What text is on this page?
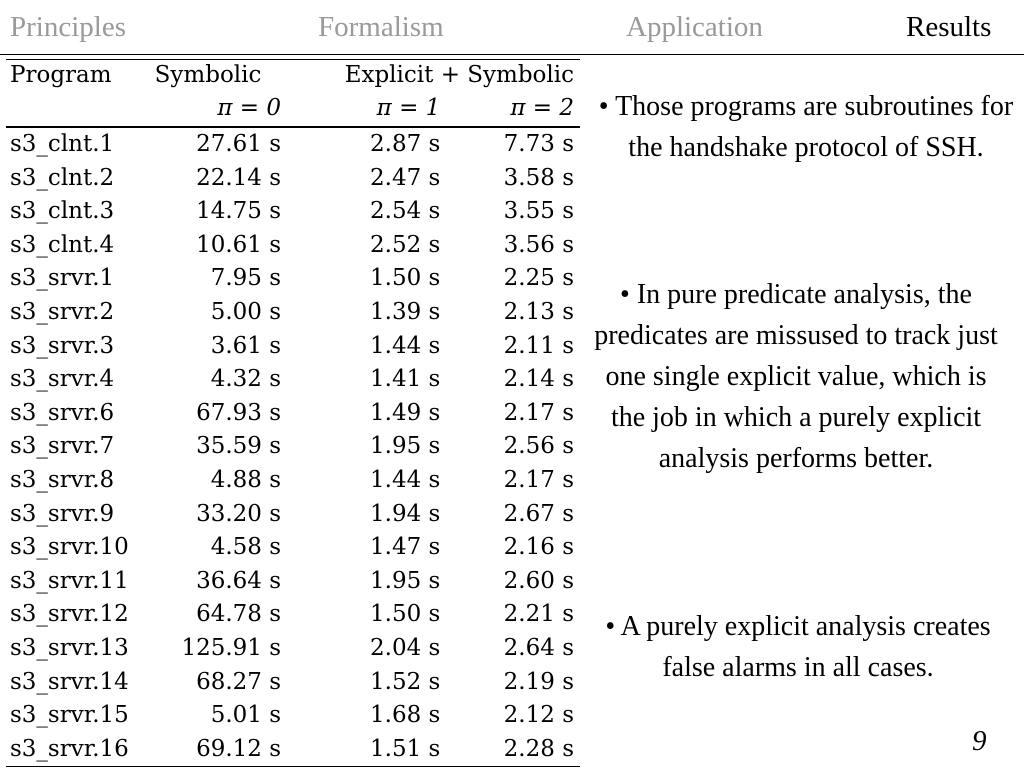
Principles	Formalism	Application	Results
Program	Symbolic	Explicit + Symbolic	
	π = 0	π = 1	π = 2
s3_clnt.1	27.61 s	2.87 s	7.73 s
s3_clnt.2	22.14 s	2.47 s	3.58 s
s3_clnt.3	14.75 s	2.54 s	3.55 s
s3_clnt.4	10.61 s	2.52 s	3.56 s
s3_srvr.1	7.95 s	1.50 s	2.25 s
s3_srvr.2	5.00 s	1.39 s	2.13 s
s3_srvr.3	3.61 s	1.44 s	2.11 s
s3_srvr.4	4.32 s	1.41 s	2.14 s
s3_srvr.6	67.93 s	1.49 s	2.17 s
s3_srvr.7	35.59 s	1.95 s	2.56 s
s3_srvr.8	4.88 s	1.44 s	2.17 s
s3_srvr.9	33.20 s	1.94 s	2.67 s
s3_srvr.10	4.58 s	1.47 s	2.16 s
s3_srvr.11	36.64 s	1.95 s	2.60 s
s3_srvr.12	64.78 s	1.50 s	2.21 s
s3_srvr.13	125.91 s	2.04 s	2.64 s
s3_srvr.14	68.27 s	1.52 s	2.19 s
s3_srvr.15	5.01 s	1.68 s	2.12 s
s3_srvr.16	69.12 s	1.51 s	2.28 s
• Those programs are subroutines for the handshake protocol of SSH.
• In pure predicate analysis, the predicates are missused to track just one single explicit value, which is the job in which a purely explicit analysis performs better.
• A purely explicit analysis creates false alarms in all cases.
9
